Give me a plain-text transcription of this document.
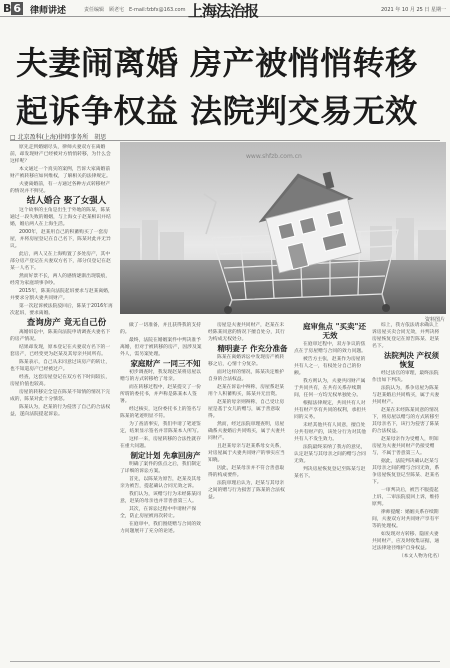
B 6 律师讲述	责任编辑　顾老宅　E-mail:fzbfx@163.com 上海法治报	2021 年 10 月 25 日 星期一
夫妻闹离婚 房产被悄悄转移
起诉争权益 法院判交易无效
□ 北京盈科(上海)律师事务所　胡思
www.shfzb.com.cn
资料图片

原先走到婚姻尽头，律师夫妻双方在离婚前，却发现财产已经被对方悄悄转移，为什么会这样呢？

本文通过一个真实的案例，告诉大家离婚前财产被转移应如何维权，了解相关的法律规定。

夫妻离婚前，有一方通过各种方式转移财产的情况并不鲜见。

结人婚合 娶了女强人

这个故事的主角是出生于外地的陈某，陈某通过一段失败的婚姻，与上海女子赵某相识并结婚，婚后两人在上海生活。

2000年，赵某用自己的积蓄购买了一套房屋，并将房屋登记在自己名下，陈某对此并无异议。

此后，两人又在上海购置了多处房产，其中部分房产登记在夫妻双方名下，部分仅登记在赵某一人名下。

然而好景不长，两人的感情逐渐出现裂痕，经常为家庭琐事争吵。

2015年，陈某向法院起诉要求与赵某离婚，并要求分割夫妻共同财产。

第一次起诉被法院驳回后，陈某于2016年再次起诉，要求离婚。

查询房产 竟无自己份

离婚诉讼中，陈某向法院申请调查夫妻名下的房产情况。

结果却发现，原本登记在夫妻双方名下的一套房产，已经变更为赵某及其母亲共同所有。

陈某表示，自己从未同意过该房产的转让，也不知道房产已经被过户。

经查，这套房屋登记在双方名下时间较长，房屋价值也较高。

房屋的转移完全是在陈某不知情的情况下完成的，陈某对此十分愤怒。

陈某认为，赵某的行为侵害了自己的合法权益，遂向法院提起诉讼。

做了一切准备，并且获得我的支持的。

最终，法院在婚姻案件中判决准予离婚，但对于被转移的房产，因涉及案外人，需另案处理。

家庭财产 一同三不知

初步调查时，我发现赵某将房屋以赠与的方式转移给了母亲。

而在转移过程中，赵某提交了一份所谓的委托书，并声称是陈某本人签署。

经过核实，这份委托书上的签名与陈某的笔迹明显不符。

为了查清事实，我们申请了笔迹鉴定，结果显示签名并非陈某本人所写。

这样一来，房屋转移的合法性就存在重大问题。

制定计划 先拿回房产

明确了案件的焦点之后，我们制定了详细的诉讼方案。

首先，以陈某为原告，赵某及其母亲为被告，提起确认合同无效之诉。

我们认为，该赠与行为未经陈某同意，赵某的母亲也并非善意第三人。

其次，在诉讼过程中申请财产保全，防止房屋被再次转让。

在庭审中，我们围绕赠与合同的效力问题展开了充分的论述。

房屋是夫妻共同财产，赵某在未经陈某同意的情况下擅自处分，其行为构成无权处分。

精明妻子 作充分准备

陈某在离婚诉讼中发现房产被转移之后，心情十分复杂。

面对这样的情况，陈某决定维护自身的合法权益。

赵某在诉讼中辩称，房屋系赵某用个人积蓄购买，陈某并无出资。

赵某的母亲则辩称，自己受让房屋是基于女儿的赠与，属于善意取得。

然而，经过法院审理查明，房屋确系夫妻婚后共同购买，属于夫妻共同财产。

且赵某母亲与赵某系母女关系，对房屋属于夫妻共同财产的事实应当知晓。

因此，赵某母亲并不符合善意取得的构成要件。

法院审理后认为，赵某与其母亲之间的赠与行为损害了陈某的合法权益。

庭审焦点 "买卖"还无效

在庭审过程中，双方争议的焦点在于房屋赠与合同的效力问题。

被告方主张，赵某作为房屋的共有人之一，有权处分自己的份额。

我方则认为，夫妻共同财产属于共同共有，在共有关系存续期间，任何一方均无权单独处分。

根据法律规定，共同共有人对共有财产享有共同的权利，承担共同的义务。

未经其他共有人同意，擅自处分共有财产的，该处分行为对其他共有人不发生效力。

法院最终采纳了我方的意见，认定赵某与其母亲之间的赠与合同无效。

判决房屋恢复登记至陈某与赵某名下。

综上，我方依法请求确认上诉房屋买卖合同无效，并判决将房屋恢复登记在原告陈某、赵某名下。

法院判决 产权须恢复

经过法官的审理，最终法院作出如下判决。

法院认为，系争房屋为陈某与赵某婚后共同购买，属于夫妻共同财产。

赵某在未经陈某同意的情况下，将房屋以赠与的方式转移至其母亲名下，该行为侵害了陈某的合法权益。

赵某母亲作为受赠人，明知房屋为夫妻共同财产仍接受赠与，不属于善意第三人。

据此，法院判决确认赵某与其母亲之间的赠与合同无效，系争房屋恢复登记至陈某、赵某名下。

一审判决后，被告不服提起上诉，二审法院驳回上诉，维持原判。

律师提醒：婚姻关系存续期间，夫妻双方对共同财产享有平等的处理权。

如发现对方转移、隐匿夫妻共同财产，应及时收集证据，通过法律途径维护自身权益。

（本文人物为化名）
